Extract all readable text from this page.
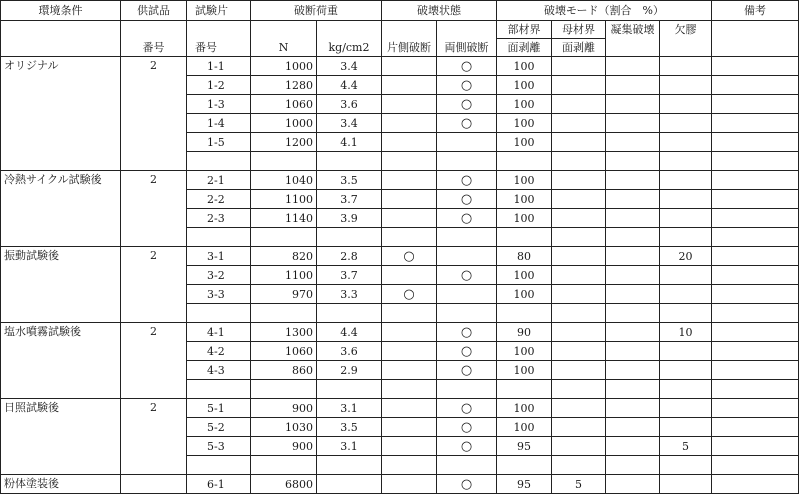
環境条件	供試品	試験片	破断荷重		破壊状態		破壊モード（割合　%）				備考
	番号	番号	N	kg/cm2	片側破断	両側破断	部材界	母材界	凝集破壊	欠膠	
							面剥離	面剥離			
オリジナル	2	1-1	1000	3.4		○	100				
		1-2	1280	4.4		○	100				
		1-3	1060	3.6		○	100				
		1-4	1000	3.4		○	100				
		1-5	1200	4.1			100				

冷熱サイクル試験後	2	2-1	1040	3.5		○	100				
		2-2	1100	3.7		○	100				
		2-3	1140	3.9		○	100				

振動試験後	2	3-1	820	2.8	○		80			20	
		3-2	1100	3.7		○	100				
		3-3	970	3.3	○		100				

塩水噴霧試験後	2	4-1	1300	4.4		○	90			10	
		4-2	1060	3.6		○	100				
		4-3	860	2.9		○	100				

日照試験後	2	5-1	900	3.1		○	100				
		5-2	1030	3.5		○	100				
		5-3	900	3.1		○	95			5	

粉体塗装後		6-1	6800			○	95	5			
